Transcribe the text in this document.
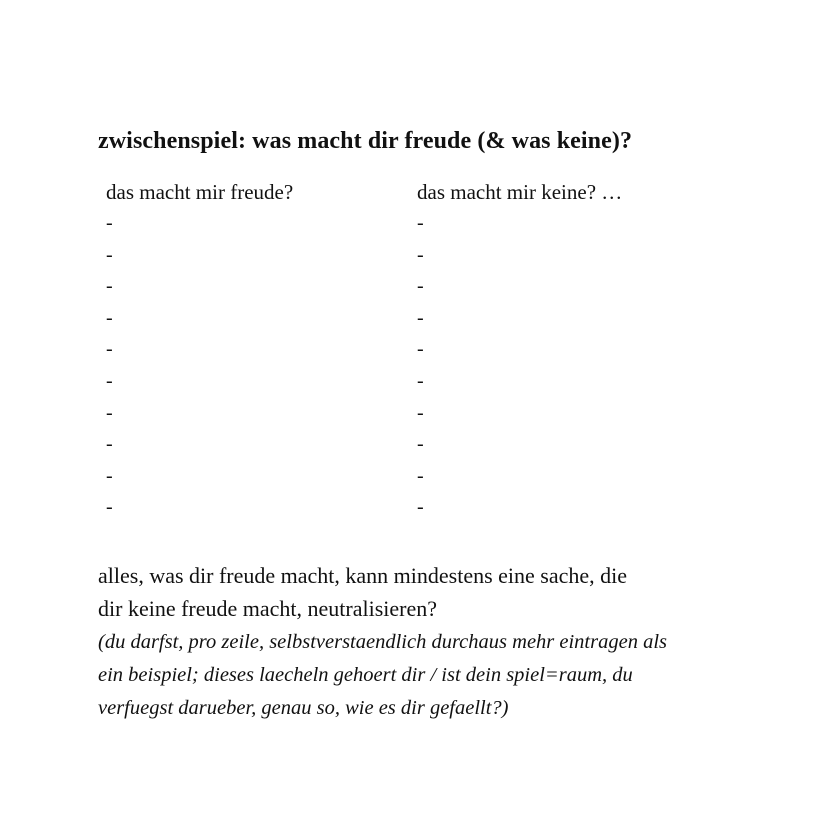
zwischenspiel: was macht dir freude (& was keine)?
das macht mir freude?
-
-
-
-
-
-
-
-
-
-
das macht mir keine? …
-
-
-
-
-
-
-
-
-
-

alles, was dir freude macht, kann mindestens eine sache, die

dir keine freude macht, neutralisieren?

(du darfst, pro zeile, selbstverstaendlich durchaus mehr eintragen als
ein beispiel; dieses laecheln gehoert dir / ist dein spiel=raum, du
verfuegst darueber, genau so, wie es dir gefaellt?)
